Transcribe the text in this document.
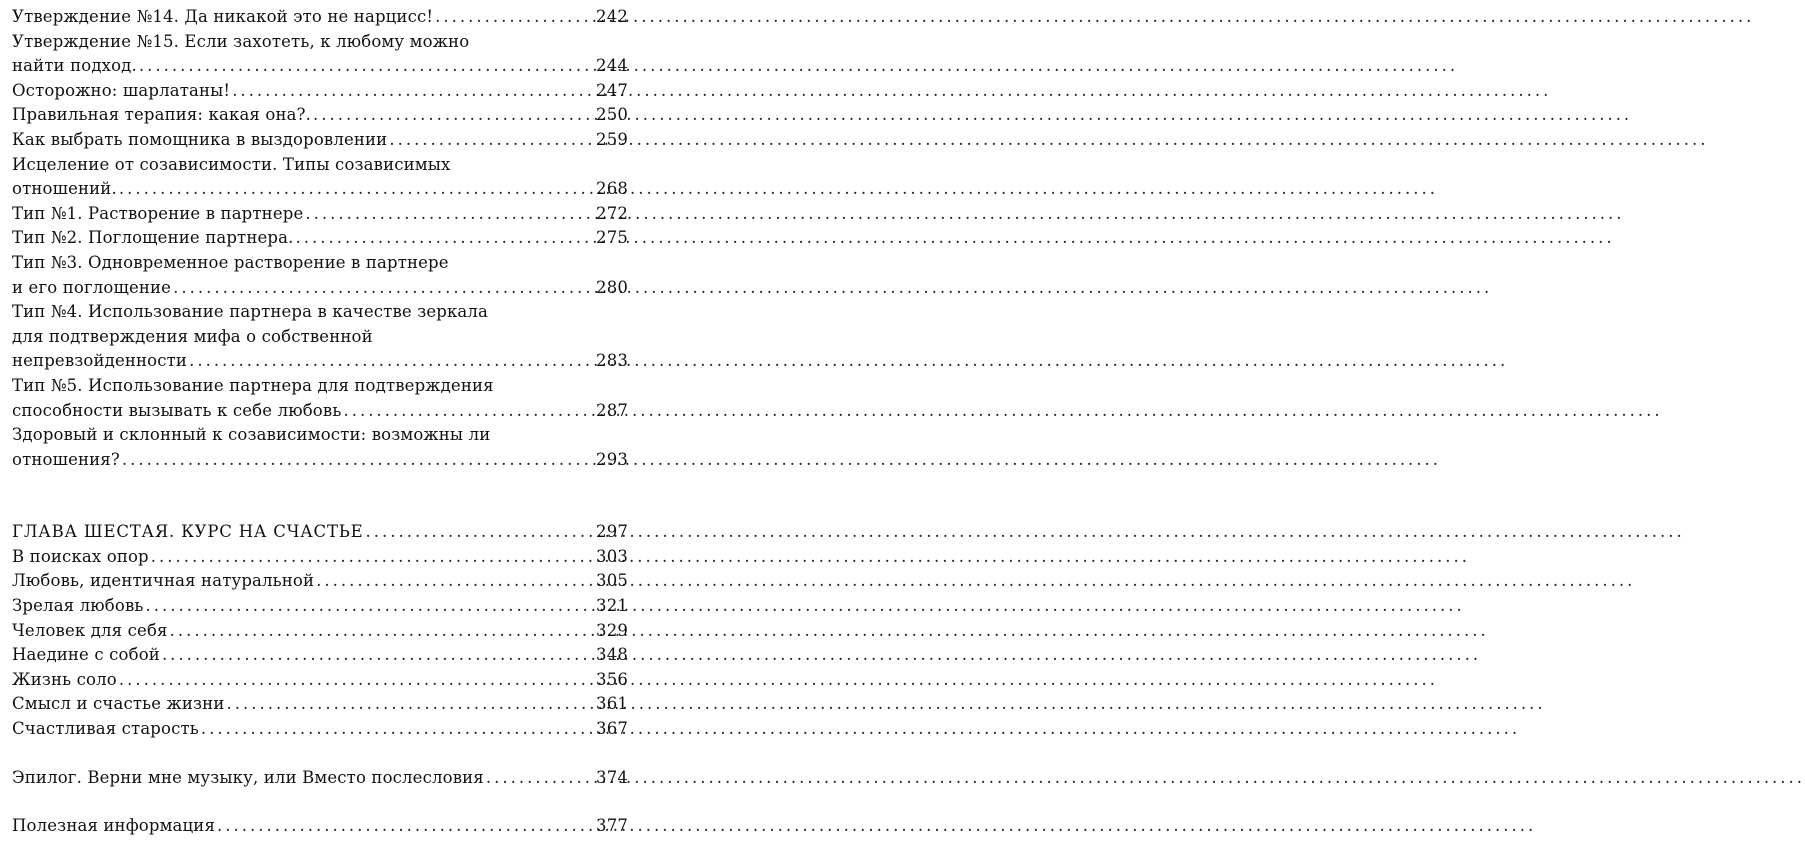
Утверждение №14. Да никакой это не нарцисс! .....	242
Утверждение №15. Если захотеть, к любому можно
найти подход. .....	244
Осторожно: шарлатаны! .....	247
Правильная терапия: какая она?. .....	250
Как выбрать помощника в выздоровлении .....	259
Исцеление от созависимости. Типы созависимых
отношений. .....	268
Тип №1. Растворение в партнере .....	272
Тип №2. Поглощение партнера. .....	275
Тип №3. Одновременное растворение в партнере
и его поглощение .....	280
Тип №4. Использование партнера в качестве зеркала
для подтверждения мифа о собственной
непревзойденности .....	283
Тип №5. Использование партнера для подтверждения
способности вызывать к себе любовь .....	287
Здоровый и склонный к созависимости: возможны ли
отношения? .....	293
ГЛАВА ШЕСТАЯ. КУРС НА СЧАСТЬЕ .....	297
В поисках опор .....	303
Любовь, идентичная натуральной .....	305
Зрелая любовь .....	321
Человек для себя .....	329
Наедине с собой .....	348
Жизнь соло .....	356
Смысл и счастье жизни .....	361
Счастливая старость .....	367
Эпилог. Верни мне музыку, или Вместо послесловия .....	374
Полезная информация .....	377
